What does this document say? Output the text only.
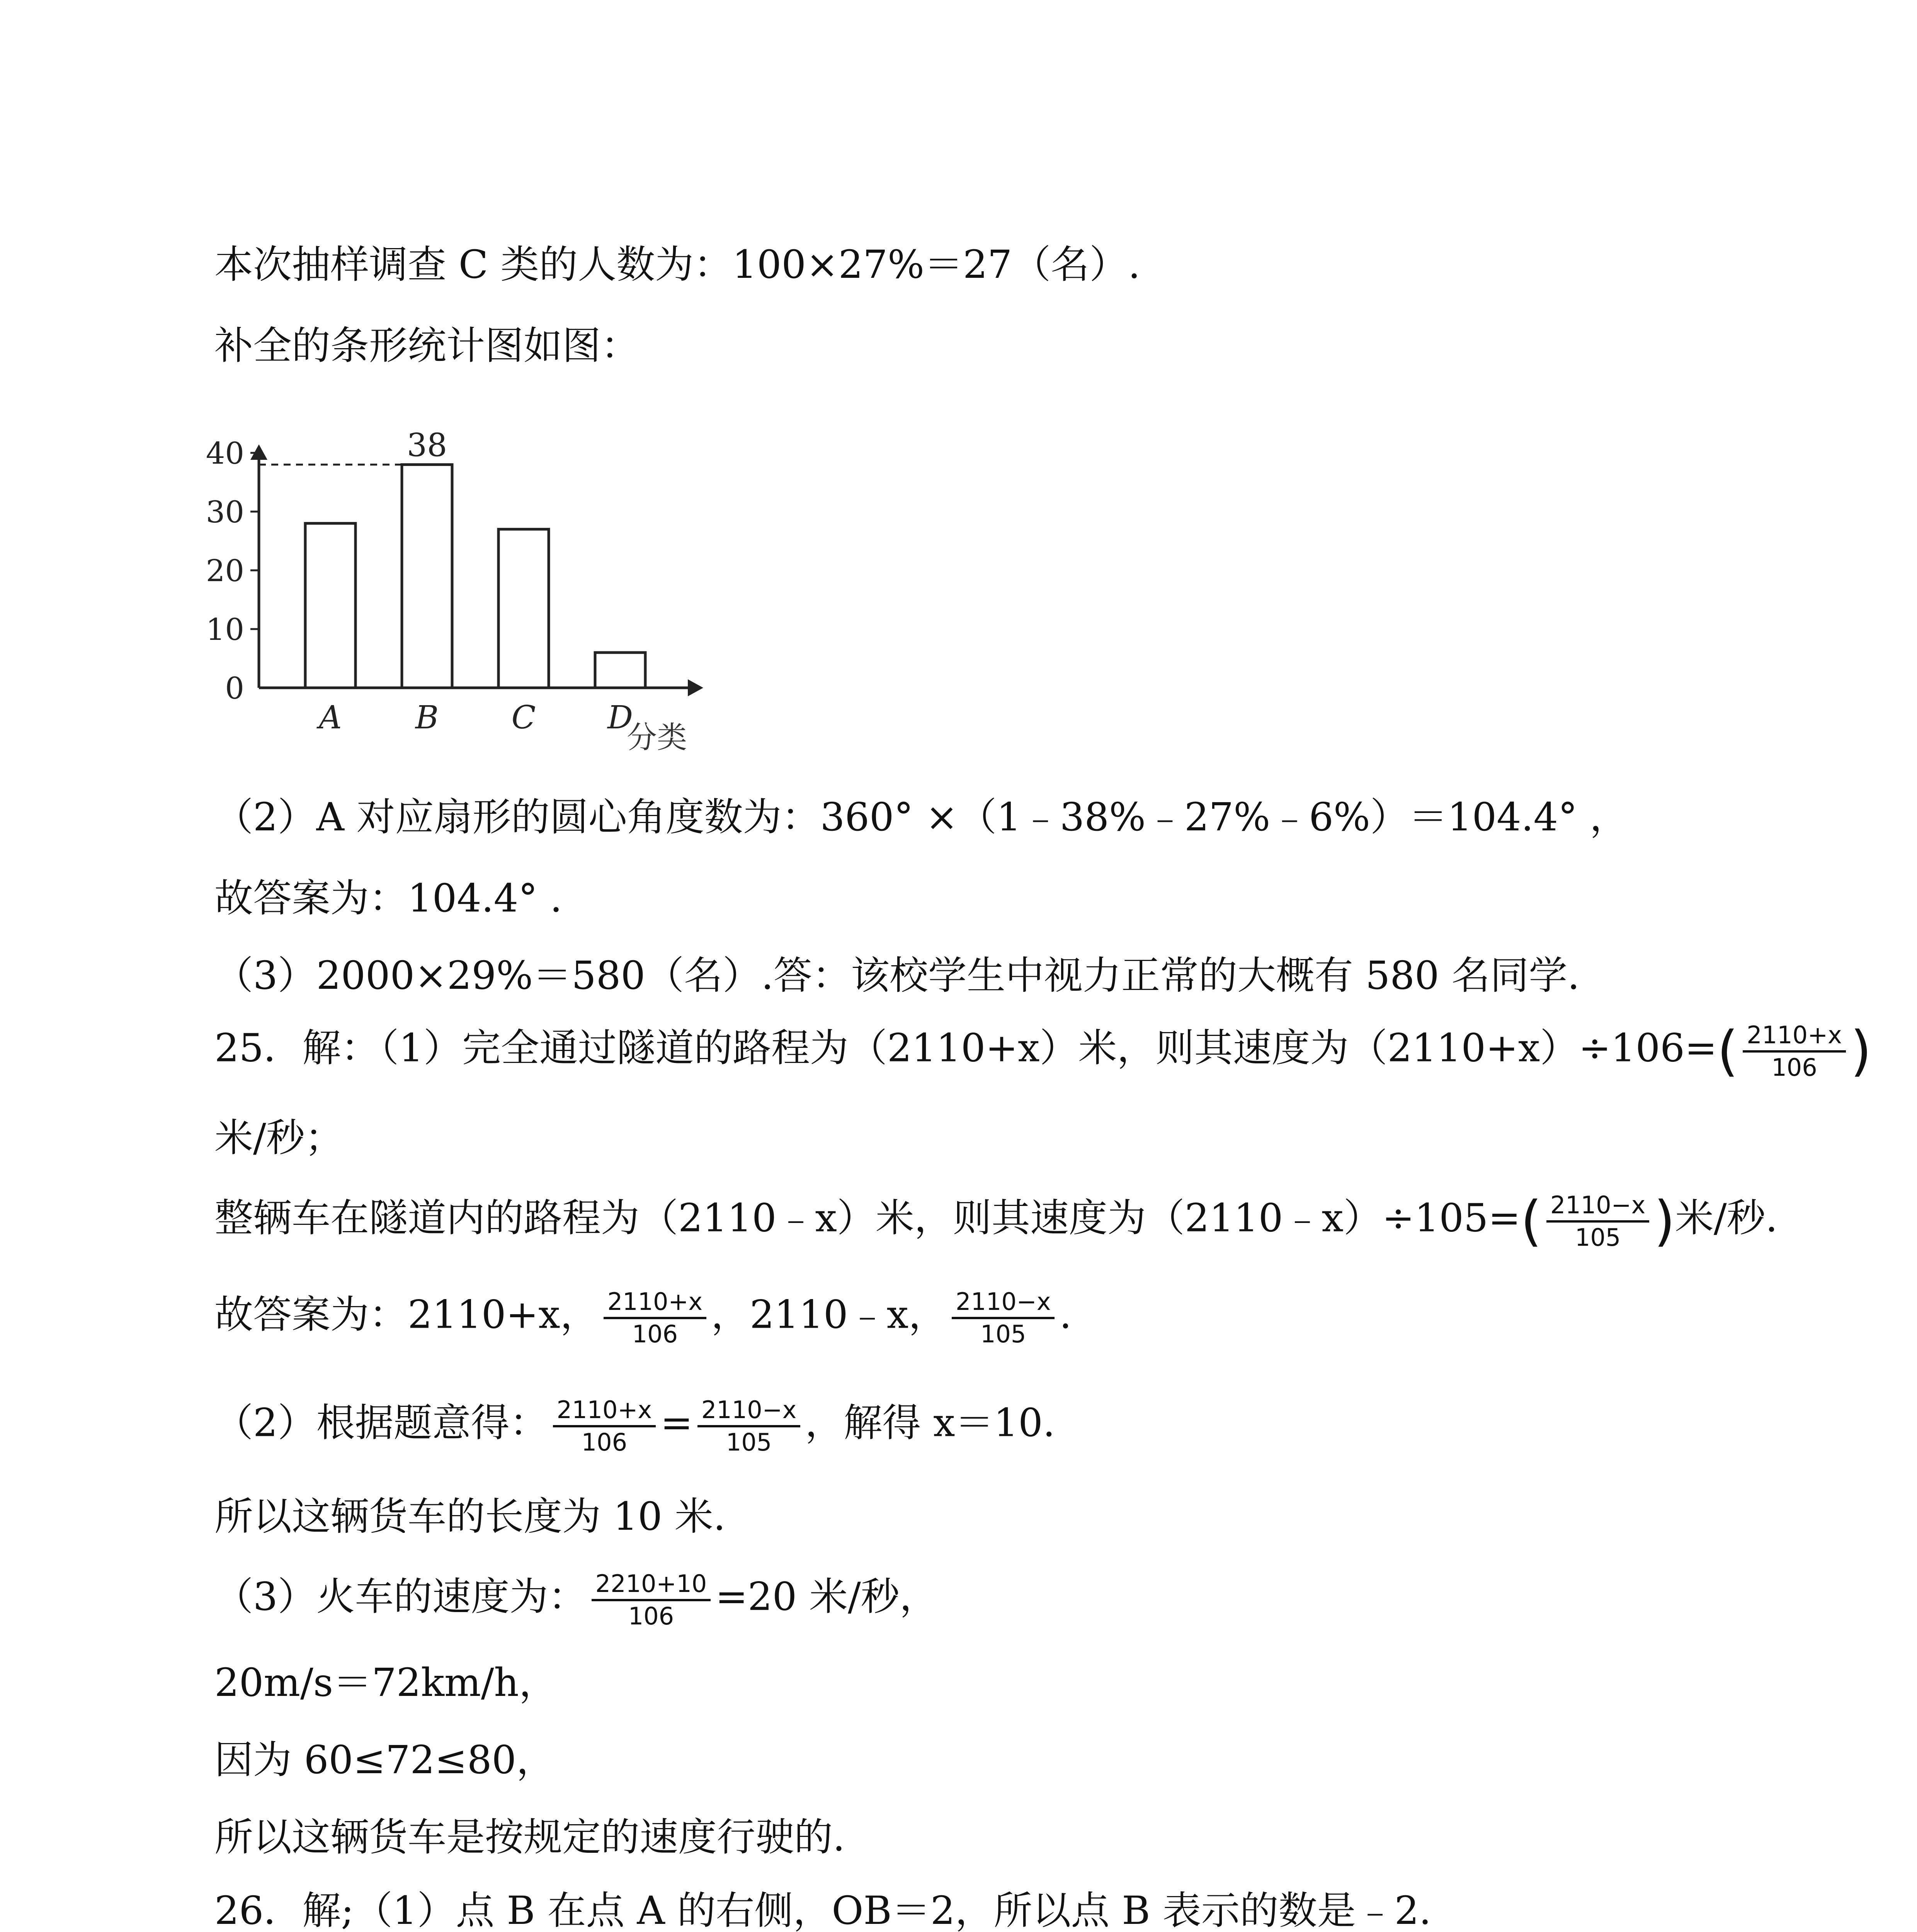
本次抽样调查 C 类的人数为：100×27%＝27（名）.
补全的条形统计图如图：
0
10
20
30
40
A B
38
C D
分类
（2）A 对应扇形的圆心角度数为：360° ×（1﹣38%﹣27%﹣6%）＝104.4° ，
故答案为：104.4° .
（3）2000×29%＝580（名）.答：该校学生中视力正常的大概有 580 名同学.
25．解：（1）完全通过隧道的路程为（2110+x）米，则其速度为$(2110+x)\div 106=( \frac{2110+x}{106}$ )
米/秒；
整辆车在隧道内的路程为（2110﹣x）米，则其速度为（2110﹣x）÷105=( $\frac{2110-x}{105}$ )米/秒.
故答案为：2110+x， $\frac{2110+x}{106}$ ，2110﹣x， $\frac{2110-x}{105}$ .
（2）根据题意得： $\frac{2110+x}{106} = \frac{2110-x}{105}$ ，解得 x＝10.
所以这辆货车的长度为 10 米.
（3）火车的速度为： $\frac{2210+10}{106} =20$ 米/秒，
20m/s＝72km/h，
因为 60≤72≤80，
所以这辆货车是按规定的速度行驶的.
26．解;（1）点 B 在点 A 的右侧，OB＝2，所以点 B 表示的数是﹣2.
